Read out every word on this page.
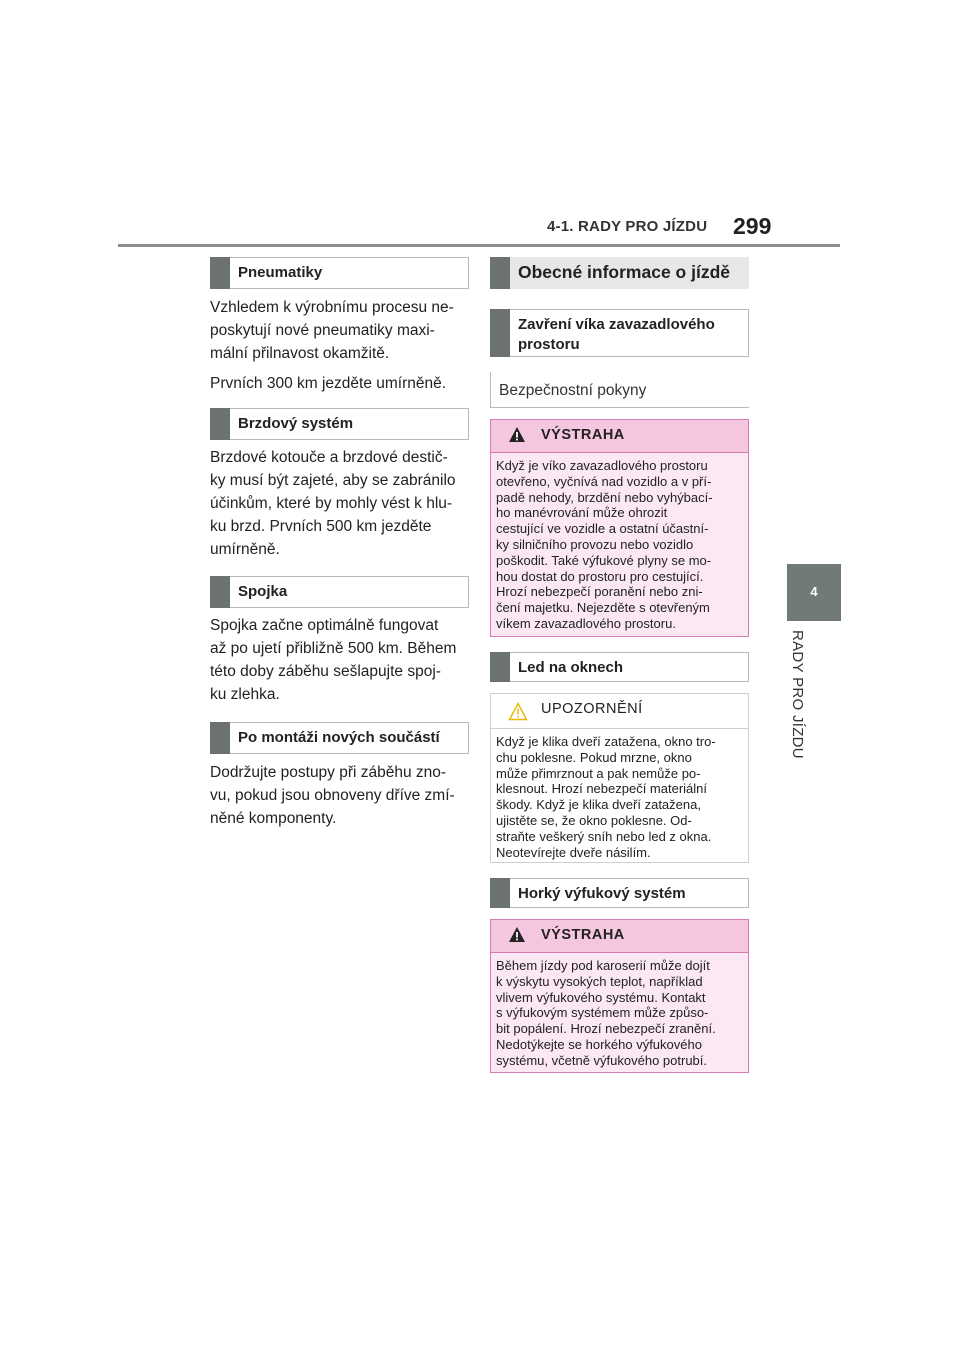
4-1. RADY PRO JÍZDU 299
4
RADY PRO JÍZDU
Pneumatiky

Vzhledem k výrobnímu procesu ne-
poskytují nové pneumatiky maxi-
mální přilnavost okamžitě.

Prvních 300 km jezděte umírněně.

Brzdový systém

Brzdové kotouče a brzdové destič-
ky musí být zajeté, aby se zabránilo
účinkům, které by mohly vést k hlu-
ku brzd. Prvních 500 km jezděte
umírněně.

Spojka

Spojka začne optimálně fungovat
až po ujetí přibližně 500 km. Během
této doby záběhu sešlapujte spoj-
ku zlehka.

Po montáži nových součástí

Dodržujte postupy při záběhu zno-
vu, pokud jsou obnoveny dříve zmí-
něné komponenty.

Obecné informace o jízdě
Zavření víka zavazadlového prostoru
Bezpečnostní pokyny
VÝSTRAHA
Když je víko zavazadlového prostoru
otevřeno, vyčnívá nad vozidlo a v pří-
padě nehody, brzdění nebo vyhýbací-
ho manévrování může ohrozit
cestující ve vozidle a ostatní účastní-
ky silničního provozu nebo vozidlo
poškodit. Také výfukové plyny se mo-
hou dostat do prostoru pro cestující.
Hrozí nebezpečí poranění nebo zni-
čení majetku. Nejezděte s otevřeným
víkem zavazadlového prostoru.
Led na oknech
UPOZORNĚNÍ
Když je klika dveří zatažena, okno tro-
chu poklesne. Pokud mrzne, okno
může přimrznout a pak nemůže po-
klesnout. Hrozí nebezpečí materiální
škody. Když je klika dveří zatažena,
ujistěte se, že okno poklesne. Od-
straňte veškerý sníh nebo led z okna.
Neotevírejte dveře násilím.
Horký výfukový systém
VÝSTRAHA
Během jízdy pod karoserií může dojít
k výskytu vysokých teplot, například
vlivem výfukového systému. Kontakt
s výfukovým systémem může způso-
bit popálení. Hrozí nebezpečí zranění.
Nedotýkejte se horkého výfukového
systému, včetně výfukového potrubí.
